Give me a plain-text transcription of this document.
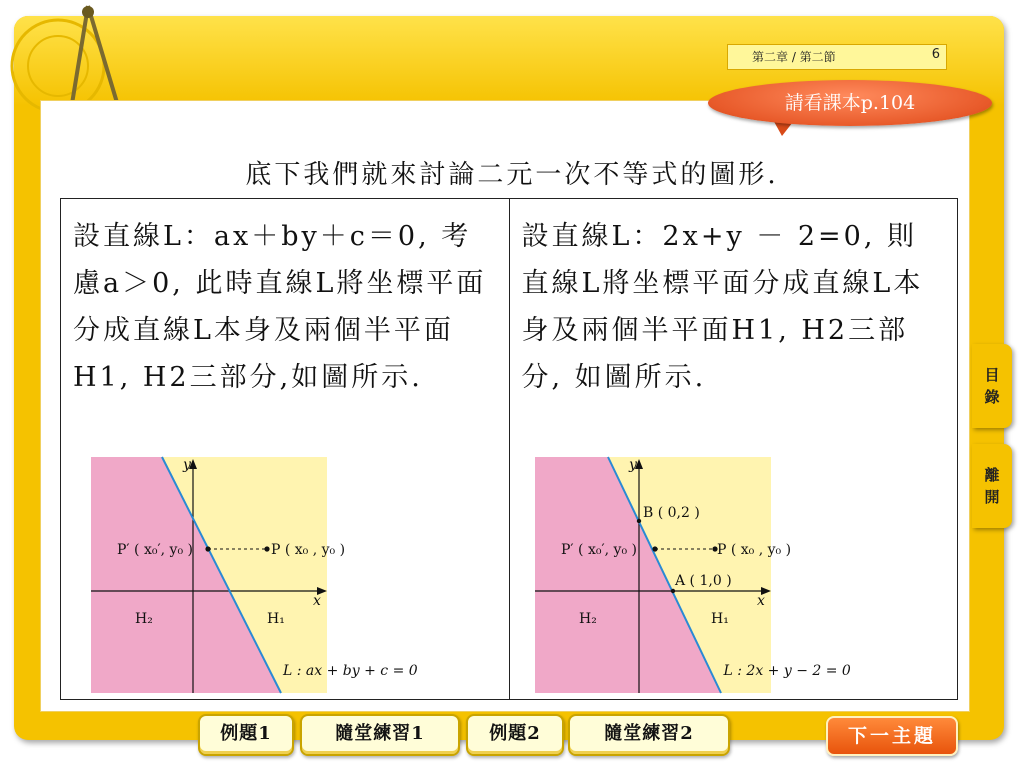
第二章 / 第二節	6
請看課本p.104
底下我們就來討論二元一次不等式的圖形.
設直線L：ax＋by＋c＝0, 考慮a＞0, 此時直線L將坐標平面分成直線L本身及兩個半平面H1, H2三部分,如圖所示.
y
x
P′ ( x₀′, y₀ )	P ( x₀ , y₀ )
H₂	H₁
L : ax + by + c = 0

設直線L：2x+y － 2=0, 則直線L將坐標平面分成直線L本身及兩個半平面H1, H2三部分, 如圖所示.
y
x
B ( 0,2 )
A ( 1,0 )
P′ ( x₀′, y₀ )	P ( x₀ , y₀ )
H₂	H₁
L : 2x + y − 2 = 0
目
錄
離
開
例題1	隨堂練習1	例題2	隨堂練習2	下一主題
